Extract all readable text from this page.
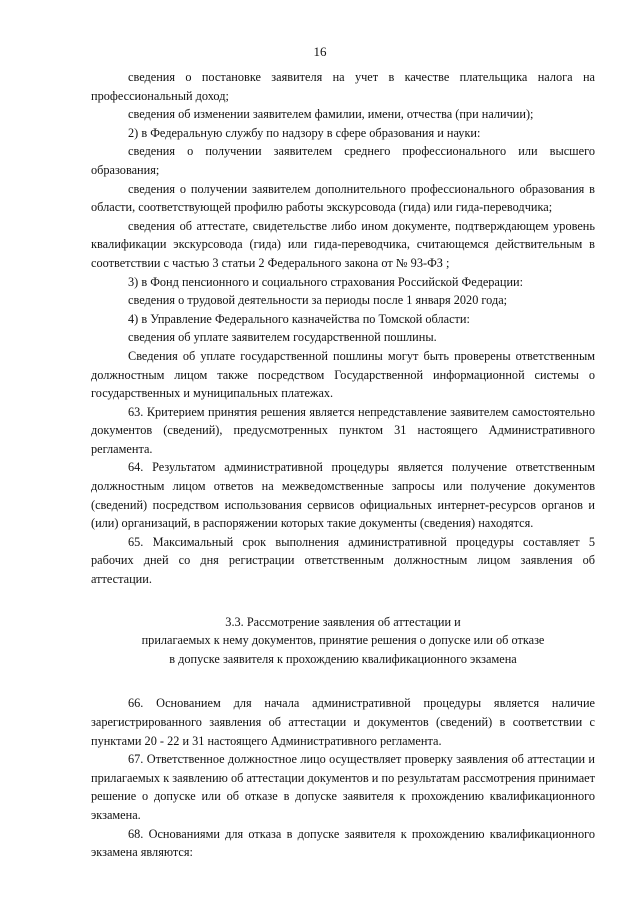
16

сведения о постановке заявителя на учет в качестве плательщика налога на профессиональный доход;

сведения об изменении заявителем фамилии, имени, отчества (при наличии);

2) в Федеральную службу по надзору в сфере образования и науки:

сведения о получении заявителем среднего профессионального или высшего образования;

сведения о получении заявителем дополнительного профессионального образования в области, соответствующей профилю работы экскурсовода (гида) или гида-переводчика;

сведения об аттестате, свидетельстве либо ином документе, подтверждающем уровень квалификации экскурсовода (гида) или гида-переводчика, считающемся действительным в соответствии с частью 3 статьи 2 Федерального закона от № 93-ФЗ ;

3) в Фонд пенсионного и социального страхования Российской Федерации:

сведения о трудовой деятельности за периоды после 1 января 2020 года;

4) в Управление Федерального казначейства по Томской области:

сведения об уплате заявителем государственной пошлины.

Сведения об уплате государственной пошлины могут быть проверены ответственным должностным лицом также посредством Государственной информационной системы о государственных и муниципальных платежах.

63. Критерием принятия решения является непредставление заявителем самостоятельно документов (сведений), предусмотренных пунктом 31 настоящего Административного регламента.

64. Результатом административной процедуры является получение ответственным должностным лицом ответов на межведомственные запросы или получение документов (сведений) посредством использования сервисов официальных интернет-ресурсов органов и (или) организаций, в распоряжении которых такие документы (сведения) находятся.

65. Максимальный срок выполнения административной процедуры составляет 5 рабочих дней со дня регистрации ответственным должностным лицом заявления об аттестации.

3.3. Рассмотрение заявления об аттестации и
прилагаемых к нему документов, принятие решения о допуске или об отказе
в допуске заявителя к прохождению квалификационного экзамена

66. Основанием для начала административной процедуры является наличие зарегистрированного заявления об аттестации и документов (сведений) в соответствии с пунктами 20 - 22 и 31 настоящего Административного регламента.

67. Ответственное должностное лицо осуществляет проверку заявления об аттестации и прилагаемых к заявлению об аттестации документов и по результатам рассмотрения принимает решение о допуске или об отказе в допуске заявителя к прохождению квалификационного экзамена.

68. Основаниями для отказа в допуске заявителя к прохождению квалификационного экзамена являются:
